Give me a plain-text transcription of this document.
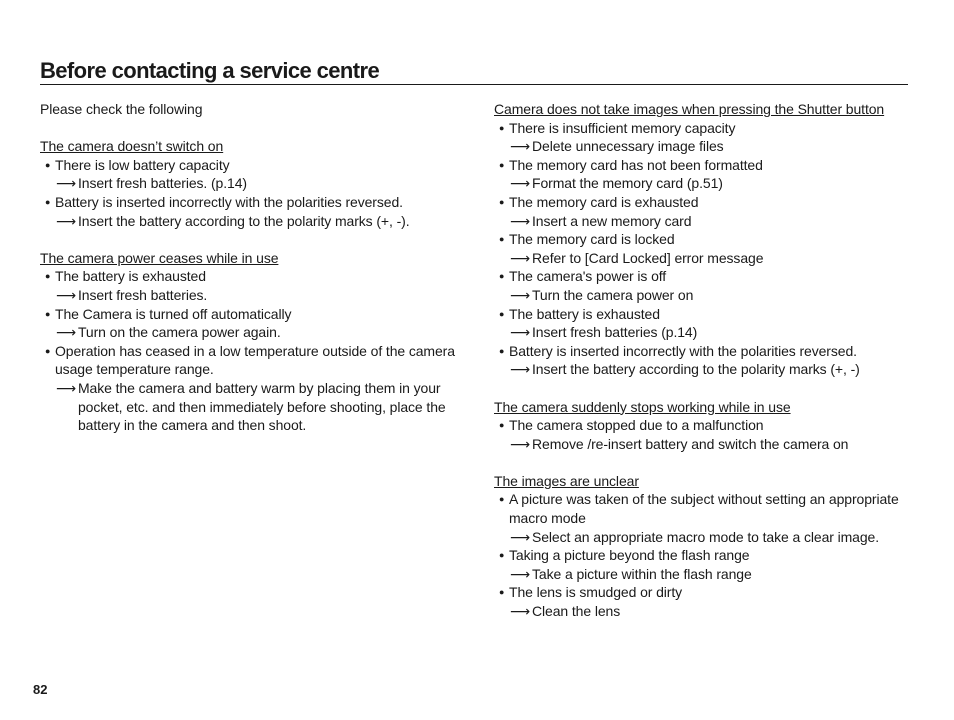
Before contacting a service centre
Please check the following
The camera doesn’t switch on
● There is low battery capacity
⟶ Insert fresh batteries. (p.14)
● Battery is inserted incorrectly with the polarities reversed.
⟶ Insert the battery according to the polarity marks (+, -).
The camera power ceases while in use
● The battery is exhausted
⟶ Insert fresh batteries.
● The Camera is turned off automatically
⟶ Turn on the camera power again.
● Operation has ceased in a low temperature outside of the camera usage temperature range.
⟶ Make the camera and battery warm by placing them in your pocket, etc. and then immediately before shooting, place the battery in the camera and then shoot.
Camera does not take images when pressing the Shutter button
● There is insufficient memory capacity
⟶ Delete unnecessary image files
● The memory card has not been formatted
⟶ Format the memory card (p.51)
● The memory card is exhausted
⟶ Insert a new memory card
● The memory card is locked
⟶ Refer to [Card Locked] error message
● The camera's power is off
⟶ Turn the camera power on
● The battery is exhausted
⟶ Insert fresh batteries (p.14)
● Battery is inserted incorrectly with the polarities reversed.
⟶ Insert the battery according to the polarity marks (+, -)
The camera suddenly stops working while in use
● The camera stopped due to a malfunction
⟶ Remove /re-insert battery and switch the camera on
The images are unclear
● A picture was taken of the subject without setting an appropriate macro mode
⟶ Select an appropriate macro mode to take a clear image.
● Taking a picture beyond the flash range
⟶ Take a picture within the flash range
● The lens is smudged or dirty
⟶ Clean the lens
82
